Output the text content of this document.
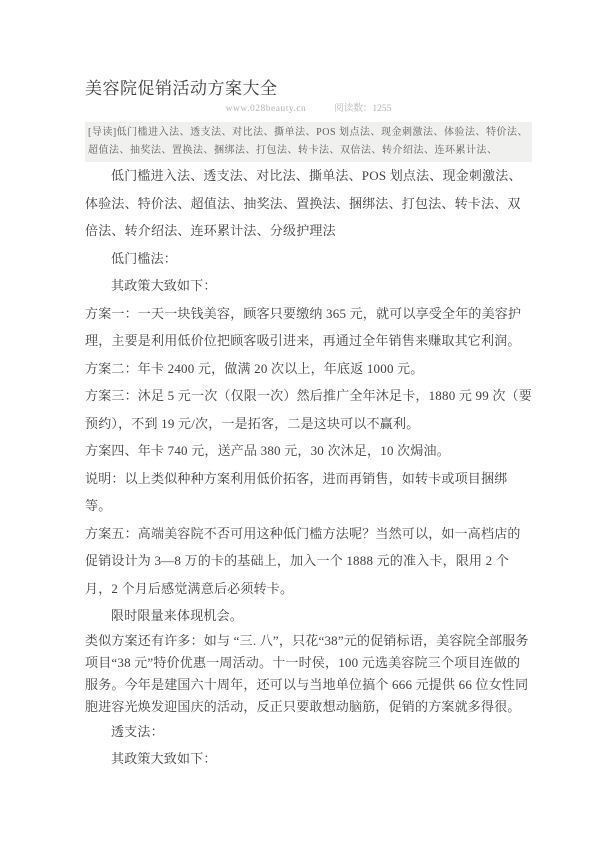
美容院促销活动方案大全
www.028beauty.cn	阅读数：1255
[导读]低门槛进入法、透支法、对比法、撕单法、POS 划点法、现金刺激法、体验法、特价法、超值法、抽奖法、置换法、捆绑法、打包法、转卡法、双倍法、转介绍法、连环累计法、

低门槛进入法、透支法、对比法、撕单法、POS 划点法、现金刺激法、体验法、特价法、超值法、抽奖法、置换法、捆绑法、打包法、转卡法、双倍法、转介绍法、连环累计法、分级护理法

低门槛法：

其政策大致如下：

方案一：一天一块钱美容，顾客只要缴纳 365 元，就可以享受全年的美容护理，主要是利用低价位把顾客吸引进来，再通过全年销售来赚取其它利润。

方案二：年卡 2400 元，做满 20 次以上，年底返 1000 元。

方案三：沐足 5 元一次（仅限一次）然后推广全年沐足卡，1880 元 99 次（要预约），不到 19 元/次，一是拓客，二是这块可以不赢利。

方案四、年卡 740 元，送产品 380 元，30 次沐足，10 次焗油。

说明：以上类似种种方案利用低价拓客，进而再销售，如转卡或项目捆绑等。

方案五：高端美容院不否可用这种低门槛方法呢？当然可以，如一高档店的促销设计为 3—8 万的卡的基础上，加入一个 1888 元的准入卡，限用 2 个月，2 个月后感觉满意后必须转卡。

限时限量来体现机会。

类似方案还有许多：如与 “三. 八”，只花“38”元的促销标语，美容院全部服务项目“38 元”特价优惠一周活动。十一时侯，100 元选美容院三个项目连做的服务。今年是建国六十周年，还可以与当地单位搞个 666 元提供 66 位女性同胞进容光焕发迎国庆的活动，反正只要敢想动脑筋，促销的方案就多得很。

透支法：

其政策大致如下：
